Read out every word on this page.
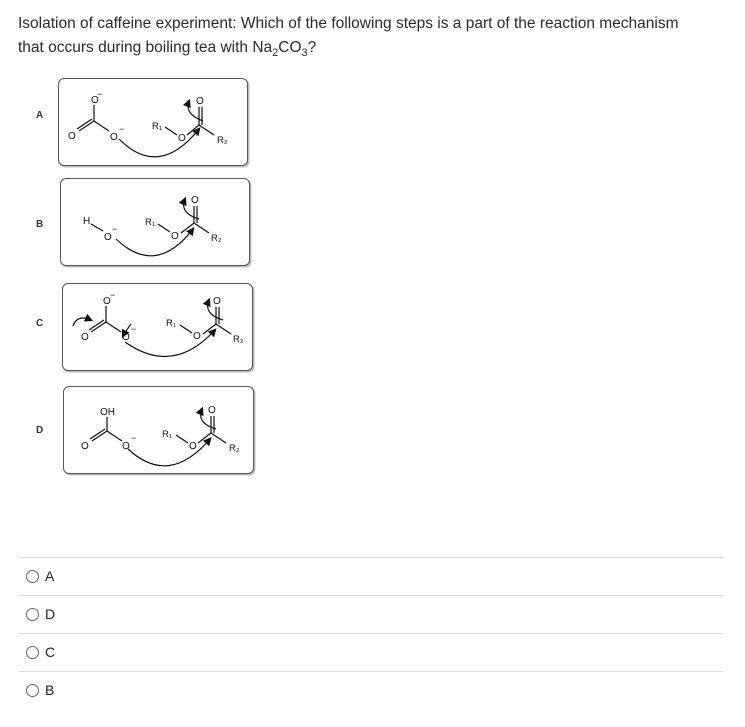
Isolation of caffeine experiment: Which of the following steps is a part of the reaction mechanism
that occurs during boiling tea with $Na_2CO_3$?
A
O
−
O	O
−	R₁
O
O
R₂
B	H
O
−
R₁
O
O
R₂
C
O
−
O	O
−	R₁
O
O
R₂
D
OH
O	O
−	R₁
O
O
R₂
A
D
C
B
